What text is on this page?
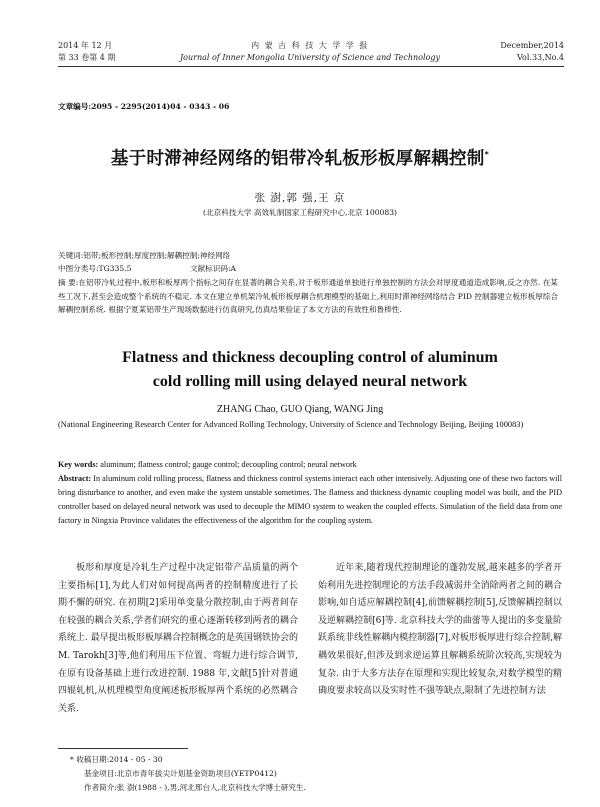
2014 年 12 月
第 33 卷第 4 期
内 蒙 古 科 技 大 学 学 报
Journal of Inner Mongolia University of Science and Technology
December,2014
Vol.33,No.4
文章编号:2095 - 2295(2014)04 - 0343 - 06
基于时滞神经网络的铝带冷轧板形板厚解耦控制*
张 澍,郭 强,王 京
(北京科技大学 高效轧制国家工程研究中心,北京 100083)
关键词:铝带;板形控制;厚度控制;解耦控制;神经网络
中图分类号:TG335.5	文献标识码:A
摘 要:在铝带冷轧过程中,板形和板厚两个指标之间存在显著的耦合关系,对于板形通道单独进行单独控制的方法会对厚度通道造成影响,反之亦然. 在某些工况下,甚至会造成整个系统的不稳定. 本文在建立单机架冷轧板形板厚耦合机理模型的基础上,利用时滞神经网络结合 PID 控制器建立板形板厚综合解耦控制系统. 根据宁夏某铝带生产现场数据进行仿真研究,仿真结果验证了本文方法的有效性和鲁棒性.
Flatness and thickness decoupling control of aluminum
cold rolling mill using delayed neural network
ZHANG Chao, GUO Qiang, WANG Jing
(National Engineering Research Center for Advanced Rolling Technology, University of Science and Technology Beijing, Beijing 100083)
Key words: aluminum; flatness control; gauge control; decoupling control; neural network
Abstract: In aluminum cold rolling process, flatness and thickness control systems interact each other intensively. Adjusting one of these two factors will bring disturbance to another, and even make the system unstable sometimes. The flatness and thickness dynamic coupling model was built, and the PID controller based on delayed neural network was used to decouple the MIMO system to weaken the coupled effects. Simulation of the field data from one factory in Ningxia Province validates the effectiveness of the algorithm for the coupling system.
板形和厚度是冷轧生产过程中决定铝带产品质量的两个主要指标[1],为此人们对如何提高两者的控制精度进行了长期不懈的研究. 在初期[2]采用单变量分散控制,由于两者间存在较强的耦合关系,学者们研究的重心逐渐转移到两者的耦合系统上. 最早提出板形板厚耦合控制概念的是英国钢铁协会的 M. Tarokh[3]等,他们利用压下位置、弯辊力进行综合调节,在原有设备基础上进行改进控制. 1988 年,文献[5]针对普通四辊轧机,从机理模型角度阐述板形板厚两个系统的必然耦合关系.
近年来,随着现代控制理论的蓬勃发展,越来越多的学者开始利用先进控制理论的方法手段减弱并全消除两者之间的耦合影响,如自适应解耦控制[4],前馈解耦控制[5],反馈解耦控制以及逆解耦控制[6]等. 北京科技大学的曲蕾等人提出的多变量阶跃系统非线性解耦内模控制器[7],对板形板厚进行综合控制,解耦效果很好,但涉及到求逆运算且解耦系统阶次较高,实现较为复杂. 由于大多方法存在原理和实现比较复杂,对数学模型的精确度要求较高以及实时性不强等缺点,限制了先进控制方法
* 收稿日期:2014 - 05 - 30
基金项目:北京市青年拔尖计划基金资助项目(YETP0412)
作者简介:张 澍(1988 - ),男,河北邢台人,北京科技大学博士研究生.
